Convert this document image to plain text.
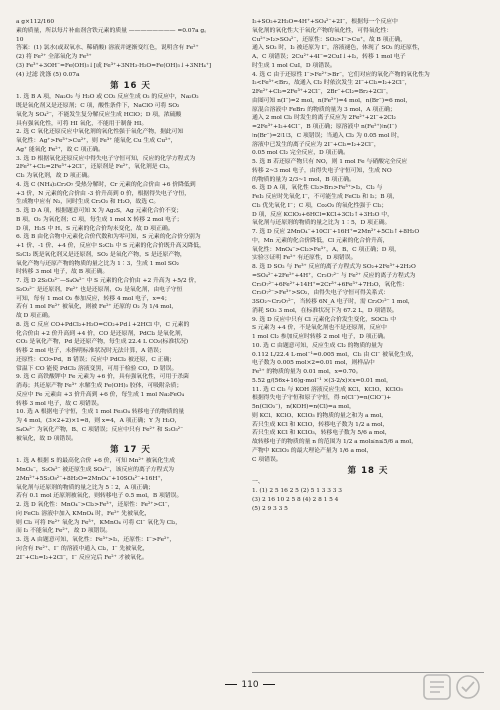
a g×112/160
素的质量，所以每片补血剂含铁元素的质量 ———————— =0.07a g。
10
答案：(1) 氯水(或双氧水、稀硝酸) 溶液并逐渐变红色，说明含有 Fe²⁺
(2) 将 Fe²⁺ 全部氧化为 Fe³⁺
(3) Fe³⁺+3OH⁻=Fe(OH)₃↓[或 Fe³⁺+3NH₃·H₂O=Fe(OH)₃↓+3NH₄⁺]
(4) 过滤 洗涤 (5) 0.07a
第 16 天
1. 选 B A 项，Na₂O₂ 与 H₂O 或 CO₂ 反应生成 O₂ 的反应中，Na₂O₂
既是氧化剂又是还原剂；C 项，酸性条件下，NaClO 可将 SO₂
氧化为 SO₄²⁻，不能发生复分解反应生成 HClO；D 项，浓硫酸
具有强氧化性，可将 HI 氧化，不能用于制备 HI。
2. 选 C 氧化还原反应中氧化剂的氧化性强于氧化产物，据此可知
氧化性：Ag⁺>Fe³⁺>Cu²⁺，则 Fe³⁺ 能氧化 Cu 生成 Cu²⁺，
Ag⁺ 能氧化 Fe²⁺，故 C 项正确。
3. 选 D 根据氧化还原反应中得失电子守恒可知，反应的化学方程式为
2Fe²⁺+Cl₂=2Fe³⁺+2Cl⁻，还原剂是 Fe²⁺，氧化剂是 Cl₂，
Cl₂ 为氧化剂，故 D 项正确。
4. 选 C (NH₄)₂Cr₂O₇ 受热分解时，Cr 元素的化合价由 +6 价降低到
+3 价，N 元素的化合价由 -3 价升高到 0 价，根据得失电子守恒，
生成物中应有 N₂，同时生成 Cr₂O₃ 和 H₂O，故选 C。
5. 选 D A 项，根据题意可知 X 为 Ag₂S，Ag 元素化合价不变；
B 项，O₂ 为氧化剂；C 项，每生成 1 mol X 转移 2 mol 电子；
D 项，H₂S 中 H、S 元素的化合价均未变化，故 D 项正确。
6. 选 B 由化合物中元素化合价代数和为零可知，S 元素的化合价分别为
+1 价、-1 价、+4 价，反应中 S₂Cl₂ 中 S 元素的化合价既升高又降低，
S₂Cl₂ 既是氧化剂又是还原剂，SO₂ 是氧化产物，S 是还原产物，
氧化产物与还原产物的物质的量之比为 1∶3，生成 1 mol SO₂
时转移 3 mol 电子，故 B 项正确。
7. 选 D 2S₂O₃²⁻—S₄O₆²⁻ 中 S 元素的化合价由 +2 升高为 +5/2 价，
S₂O₃²⁻ 是还原剂，Fe²⁺ 也是还原剂，O₂ 是氧化剂，由电子守恒
可知，每有 1 mol O₂ 参加反应，转移 4 mol 电子，x=4；
若有 1 mol Fe²⁺ 被氧化，则被 Fe²⁺ 还原的 O₂ 为 1/4 mol，
故 D 项正确。
8. 选 C 反应 CO+PdCl₂+H₂O=CO₂+Pd↓+2HCl 中，C 元素的
化合价由 +2 价升高到 +4 价，CO 是还原剂，PdCl₂ 是氧化剂，
CO₂ 是氧化产物，Pd 是还原产物，每生成 22.4 L CO₂(标准状况)
转移 2 mol 电子，未指明标准状况时无法计算，A 错误；
还原性：CO>Pd，B 错误；反应中 PdCl₂ 被还原，C 正确；
常温下 CO 能使 PdCl₂ 溶液变黑，可用于检验 CO，D 错误。
9. 选 C 高铁酸钾中 Fe 元素为 +6 价，具有强氧化性，可用于杀菌
消毒；其还原产物 Fe³⁺ 水解生成 Fe(OH)₃ 胶体，可吸附杂质；
反应中 Fe 元素由 +3 价升高到 +6 价，每生成 1 mol Na₂FeO₄
转移 3 mol 电子，故 C 项错误。
10. 选 A 根据电子守恒，生成 1 mol Fe₃O₄ 转移电子的物质的量
为 4 mol，(3×2+2)×1=8，则 x=4，A 项正确；Y 为 H₂O，
S₄O₆²⁻ 为氧化产物，B、C 项错误；反应中只有 Fe²⁺ 和 S₂O₃²⁻
被氧化，故 D 项错误。
第 17 天
1. 选 A 根据 S 的最高化合价 +6 价，可知 Mn²⁺ 被氧化生成
MnO₄⁻，S₂O₈²⁻ 被还原生成 SO₄²⁻，该反应的离子方程式为
2Mn²⁺+5S₂O₈²⁻+8H₂O=2MnO₄⁻+10SO₄²⁻+16H⁺，
氧化剂与还原剂的物质的量之比为 5∶2，A 项正确；
若有 0.1 mol 还原剂被氧化，则转移电子 0.5 mol，B 项错误。
2. 选 D 氧化性：MnO₄⁻>Cl₂>Fe³⁺，还原性：Fe²⁺>Cl⁻，
向 FeCl₂ 溶液中加入 KMnO₄ 时，Fe²⁺ 先被氧化，
则 Cl₂ 可将 Fe²⁺ 氧化为 Fe³⁺，KMnO₄ 可将 Cl⁻ 氧化为 Cl₂，
而 I₂ 不能氧化 Fe²⁺，故 D 项错误。
3. 选 A 由题意可知，氧化性：Fe³⁺>I₂，还原性：I⁻>Fe²⁺，
向含有 Fe²⁺、I⁻ 的溶液中通入 Cl₂，I⁻ 先被氧化，
2I⁻+Cl₂=I₂+2Cl⁻，I⁻ 反应完后 Fe²⁺ 才被氧化。
I₂+SO₂+2H₂O=4H⁺+SO₄²⁻+2I⁻，根据每一个反应中
氧化剂的氧化性大于氧化产物的氧化性，可得氧化性：
Cu²⁺>I₂>SO₄²⁻，还原性：SO₂>I⁻>Cu⁺，故 B 项正确，
通入 SO₂ 时，I₂ 被还原为 I⁻，溶液褪色，体现了 SO₂ 的还原性，
A、C 项错误；2Cu²⁺+4I⁻=2CuI↓+I₂，转移 1 mol 电子
时生成 1 mol CuI，D 项错误。
4. 选 C 由于还原性 I⁻>Fe²⁺>Br⁻，它们对应的氧化产物的氧化性为
I₂<Fe³⁺<Br₂，故通入 Cl₂ 时依次发生 2I⁻+Cl₂=I₂+2Cl⁻，
2Fe²⁺+Cl₂=2Fe³⁺+2Cl⁻，2Br⁻+Cl₂=Br₂+2Cl⁻，
由图可知 n(I⁻)=2 mol，n(Fe²⁺)=4 mol，n(Br⁻)=6 mol，
原混合溶液中 FeBr₂ 的物质的量为 3 mol，A 项正确；
通入 2 mol Cl₂ 时发生的离子反应为 2Fe²⁺+2I⁻+2Cl₂
=2Fe³⁺+I₂+4Cl⁻，B 项正确；原溶液中 n(Fe²⁺)∶n(I⁻)
∶n(Br⁻)=2∶1∶3，C 项错误；当通入 Cl₂ 为 0.05 mol 时，
溶液中已发生的离子反应为 2I⁻+Cl₂=I₂+2Cl⁻，
0.05 mol Cl₂ 完全反应，D 项正确。
5. 选 B 若还原产物只有 NO，则 1 mol Fe 与硝酸完全反应
转移 2~3 mol 电子，由得失电子守恒可知，生成 NO
的物质的量为 2/3~1 mol，B 项正确。
6. 选 D A 项，氧化性 Cl₂>Br₂>Fe³⁺>I₂，Cl₂ 与
FeI₂ 反应时先氧化 I⁻，不可能生成 FeCl₃ 和 I₂；B 项，
Cl₂ 优先氧化 I⁻；C 项，Co₂O₃ 的氧化性强于 Cl₂；
D 项，反应 KClO₃+6HCl=KCl+3Cl₂↑+3H₂O 中，
氧化剂与还原剂的物质的量之比为 1∶5，D 项正确。
7. 选 D 反应 2MnO₄⁻+10Cl⁻+16H⁺=2Mn²⁺+5Cl₂↑+8H₂O
中，Mn 元素的化合价降低，Cl 元素的化合价升高，
氧化性：MnO₄⁻>Cl₂>Fe³⁺，A、B、C 项正确；D 项，
实验③证明 Fe²⁺ 有还原性，D 项错误。
8. 选 D SO₂ 与 Fe³⁺ 反应的离子方程式为 SO₂+2Fe³⁺+2H₂O
=SO₄²⁻+2Fe²⁺+4H⁺，Cr₂O₇²⁻ 与 Fe²⁺ 反应的离子方程式为
Cr₂O₇²⁻+6Fe²⁺+14H⁺=2Cr³⁺+6Fe³⁺+7H₂O，氧化性：
Cr₂O₇²⁻>Fe³⁺>SO₂，由得失电子守恒可得关系式：
3SO₂~Cr₂O₇²⁻，当转移 6N_A 电子时，需 Cr₂O₇²⁻ 1 mol，
消耗 SO₂ 3 mol，在标准状况下为 67.2 L，D 项错误。
9. 选 D 反应中只有 Cl 元素化合价发生变化，SOCl₂ 中
S 元素为 +4 价，不是氧化剂也不是还原剂，反应中
1 mol Cl₂ 参加反应时转移 2 mol 电子，D 项正确。
10. 选 C 由题意可知，反应生成 Cl₂ 的物质的量为
0.112 L/22.4 L·mol⁻¹=0.005 mol，Cl₂ 由 Cl⁻ 被氧化生成，
电子数为 0.005 mol×2=0.01 mol，则样品中
Fe²⁺ 的物质的量为 0.01 mol，x=0.70。
5.52 g/(56x+16)g·mol⁻¹ ×(3-2/x)×x=0.01 mol，
11. 选 C Cl₂ 与 KOH 溶液反应生成 KCl、KClO、KClO₃
根据得失电子守恒和原子守恒，得 n(Cl⁻)=n(ClO⁻)+
5n(ClO₃⁻)，n(KOH)=n(Cl)=a mol，
则 KCl、KClO、KClO₃ 的物质的量之和为 a mol，
若只生成 KCl 和 KClO，转移电子数为 1/2 a mol，
若只生成 KCl 和 KClO₃，转移电子数为 5/6 a mol，
故转移电子的物质的量 n 的范围为 1/2 a mol≤n≤5/6 a mol，
产物中 KClO₃ 的最大理论产量为 1/6 a mol，
C 项错误。
第 18 天
一、
1. (1) 2 5 16 2 5 (2) 5 1 3 3 3 3
(3) 2 16 10 2 5 8 (4) 2 8 1 5 4
(5) 2 9 3 3 5
110
